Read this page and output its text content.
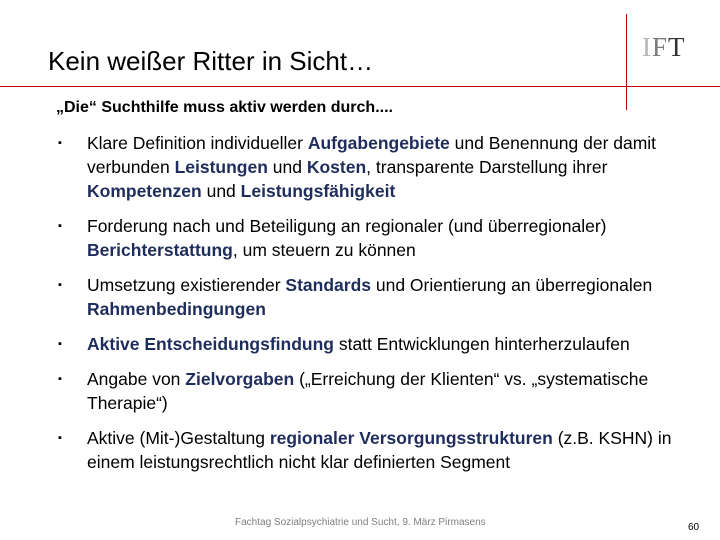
Kein weißer Ritter in Sicht…	IFT
„Die“ Suchthilfe muss aktiv werden durch....
▪ Klare Definition individueller Aufgabengebiete und Benennung der damit verbunden Leistungen und Kosten, transparente Darstellung ihrer Kompetenzen und Leistungsfähigkeit
▪ Forderung nach und Beteiligung an regionaler (und überregionaler) Berichterstattung, um steuern zu können
▪ Umsetzung existierender Standards und Orientierung an überregionalen Rahmenbedingungen
▪ Aktive Entscheidungsfindung statt Entwicklungen hinterherzulaufen
▪ Angabe von Zielvorgaben („Erreichung der Klienten“ vs. „systematische Therapie“)
▪ Aktive (Mit-)Gestaltung regionaler Versorgungsstrukturen (z.B. KSHN) in einem leistungsrechtlich nicht klar definierten Segment
Fachtag Sozialpsychiatrie und Sucht, 9. März Pirmasens	60
